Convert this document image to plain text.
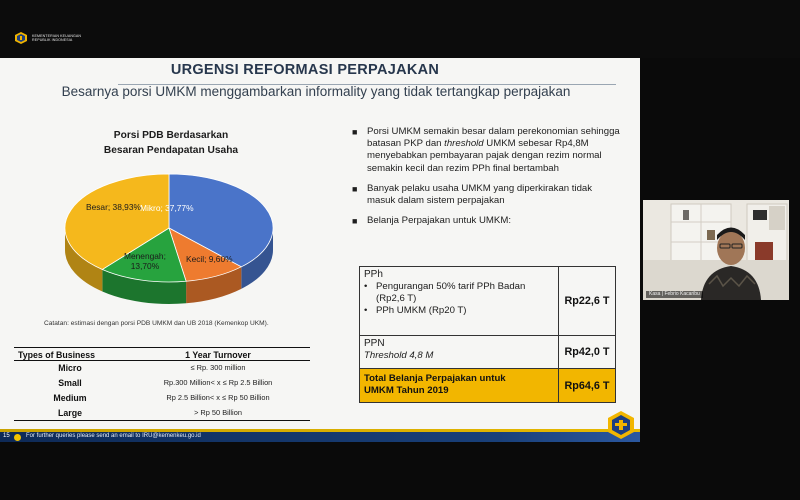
KEMENTERIAN KEUANGAN
REPUBLIK INDONESIA
URGENSI REFORMASI PERPAJAKAN
Besarnya porsi UMKM menggambarkan informality yang tidak tertangkap perpajakan
Porsi PDB Berdasarkan
Besaran Pendapatan Usaha
Mikro; 37,77%
Kecil; 9,60%
Menengah;
13,70%
Besar; 38,93%
Catatan: estimasi dengan porsi PDB UMKM dan UB 2018 (Kemenkop UKM).
Types of Business	1 Year Turnover
Micro	≤ Rp. 300 million
Small	Rp.300 Million< x ≤ Rp 2.5 Billion
Medium	Rp 2.5 Billion< x ≤ Rp 50 Billion
Large	> Rp 50 Billion
■ Porsi UMKM semakin besar dalam perekonomian sehingga batasan PKP dan threshold UMKM sebesar Rp4,8M menyebabkan pembayaran pajak dengan rezim normal semakin kecil dan rezim PPh final bertambah
■ Banyak pelaku usaha UMKM yang diperkirakan tidak masuk dalam sistem perpajakan
■ Belanja Perpajakan untuk UMKM:
PPh
• Pengurangan 50% tarif PPh Badan (Rp2,6 T)
• PPh UMKM (Rp20 T)	Rp22,6 T

PPN
Threshold 4,8 M	Rp42,0 T

Total Belanja Perpajakan untuk
UMKM Tahun 2019	Rp64,6 T
15	For further queries please send an email to IRU@kemenkeu.go.id
Kasa | Febrio Kacaribu
